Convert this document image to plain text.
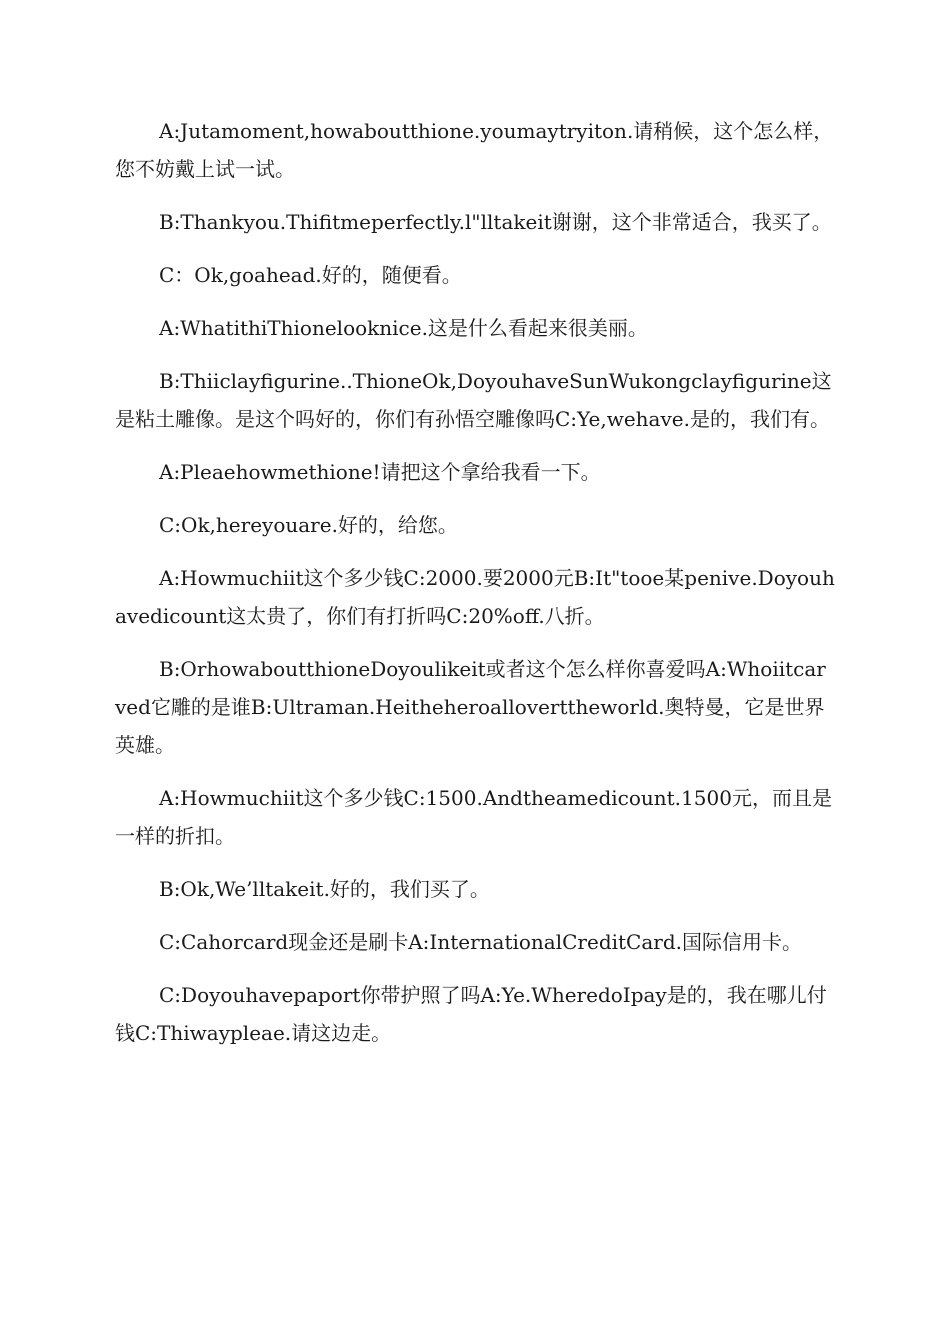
A:Jutamoment,howaboutthione.youmaytryiton.请稍候，这个怎么样，您不妨戴上试一试。

B:Thankyou.Thifitmeperfectly.l"lltakeit谢谢，这个非常适合，我买了。

C：Ok,goahead.好的，随便看。

A:WhatithiThionelooknice.这是什么看起来很美丽。

B:Thiiclayfigurine..ThioneOk,DoyouhaveSunWukongclayfigurine这是粘土雕像。是这个吗好的，你们有孙悟空雕像吗C:Ye,wehave.是的，我们有。

A:Pleaehowmethione!请把这个拿给我看一下。

C:Ok,hereyouare.好的，给您。

A:Howmuchiit这个多少钱C:2000.要2000元B:It"tooe某penive.Doyouhavedicount这太贵了，你们有打折吗C:20%off.八折。

B:OrhowaboutthioneDoyoulikeit或者这个怎么样你喜爱吗A:Whoiitcarved它雕的是谁B:Ultraman.Heitheheroalloverttheworld.奥特曼，它是世界英雄。

A:Howmuchiit这个多少钱C:1500.Andtheamedicount.1500元，而且是一样的折扣。

B:Ok,We’lltakeit.好的，我们买了。

C:Cahorcard现金还是刷卡A:InternationalCreditCard.国际信用卡。

C:Doyouhavepaport你带护照了吗A:Ye.WheredoIpay是的，我在哪儿付钱C:Thiwaypleae.请这边走。
